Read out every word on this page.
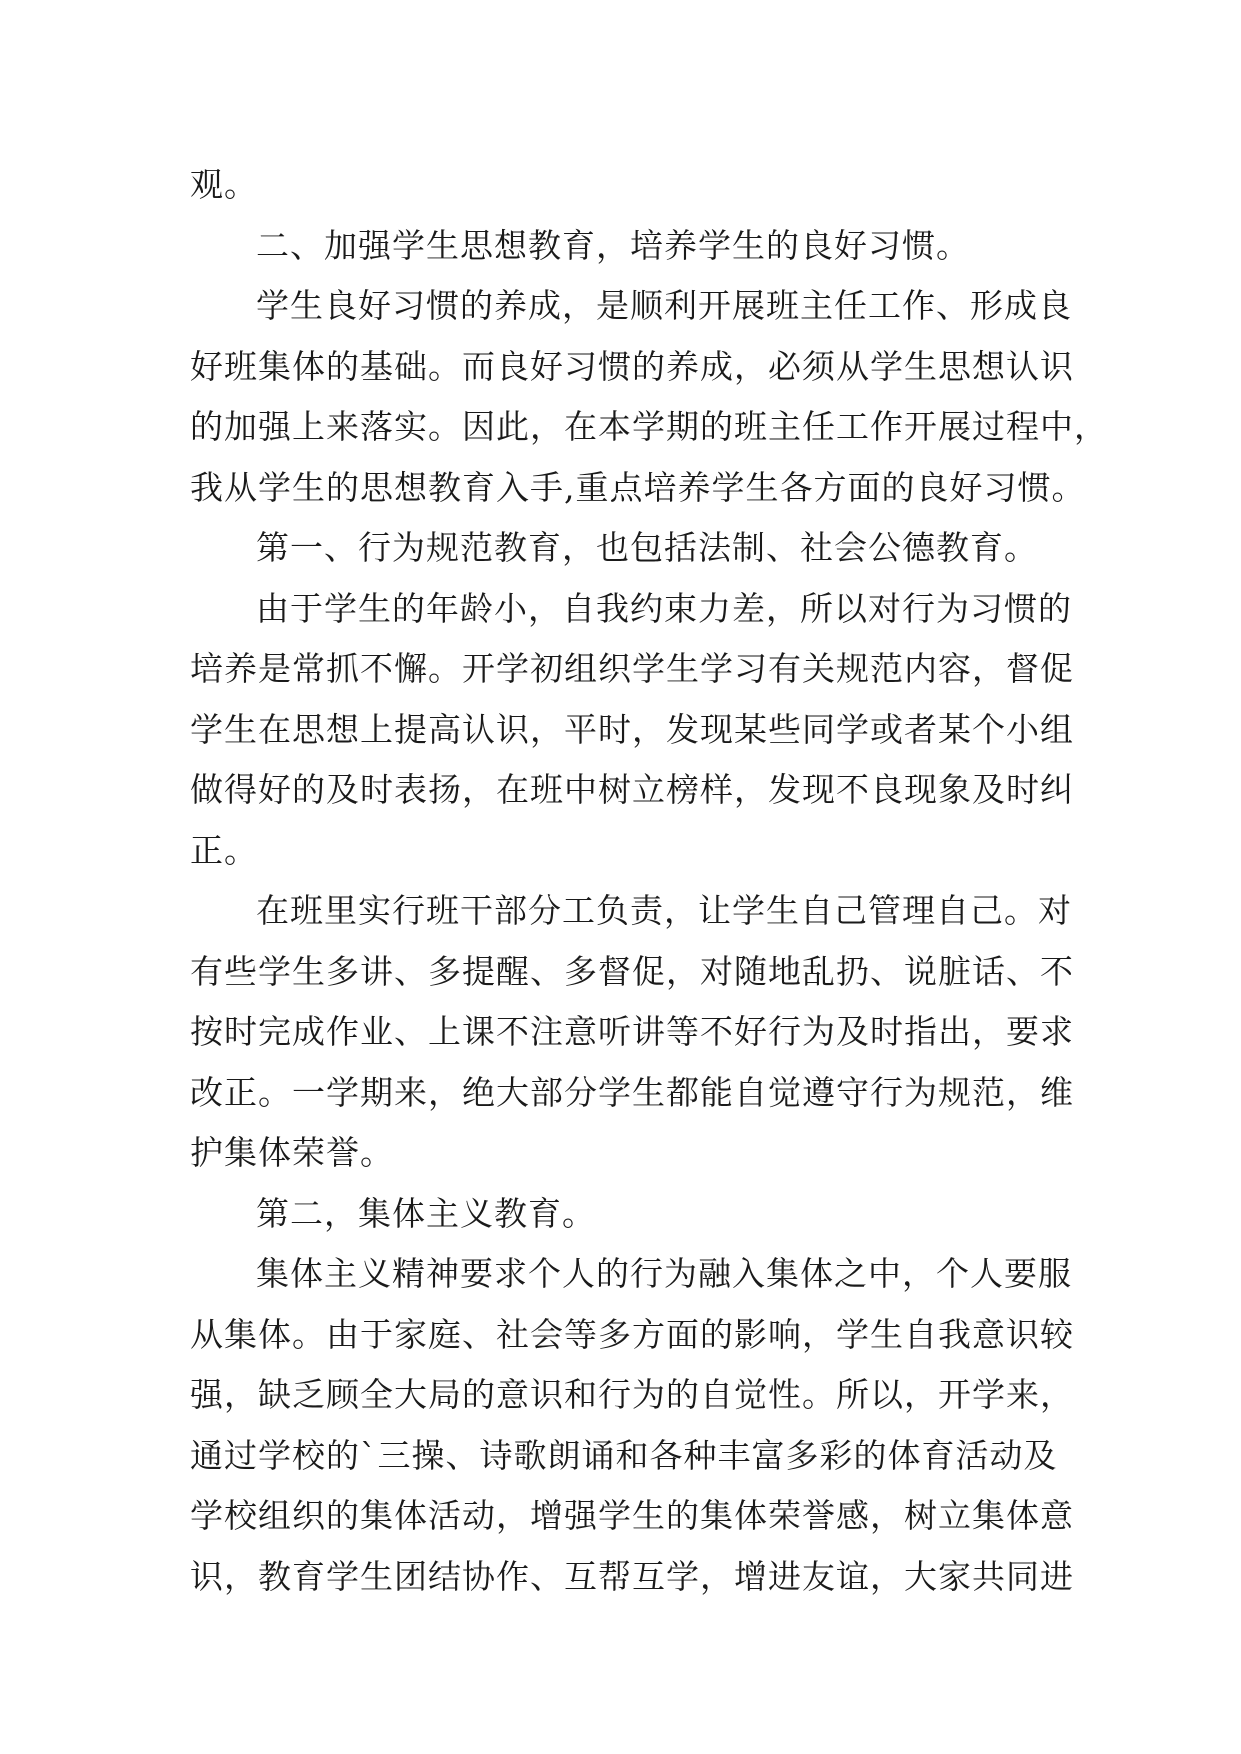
观。
二、加强学生思想教育，培养学生的良好习惯。
学生良好习惯的养成，是顺利开展班主任工作、形成良
好班集体的基础。而良好习惯的养成，必须从学生思想认识
的加强上来落实。因此，在本学期的班主任工作开展过程中，
我从学生的思想教育入手,重点培养学生各方面的良好习惯。
第一、行为规范教育，也包括法制、社会公德教育。
由于学生的年龄小，自我约束力差，所以对行为习惯的
培养是常抓不懈。开学初组织学生学习有关规范内容，督促
学生在思想上提高认识，平时，发现某些同学或者某个小组
做得好的及时表扬，在班中树立榜样，发现不良现象及时纠
正。
在班里实行班干部分工负责，让学生自己管理自己。对
有些学生多讲、多提醒、多督促，对随地乱扔、说脏话、不
按时完成作业、上课不注意听讲等不好行为及时指出，要求
改正。一学期来，绝大部分学生都能自觉遵守行为规范，维
护集体荣誉。
第二，集体主义教育。
集体主义精神要求个人的行为融入集体之中，个人要服
从集体。由于家庭、社会等多方面的影响，学生自我意识较
强，缺乏顾全大局的意识和行为的自觉性。所以，开学来，
通过学校的`三操、诗歌朗诵和各种丰富多彩的体育活动及
学校组织的集体活动，增强学生的集体荣誉感，树立集体意
识，教育学生团结协作、互帮互学，增进友谊，大家共同进
